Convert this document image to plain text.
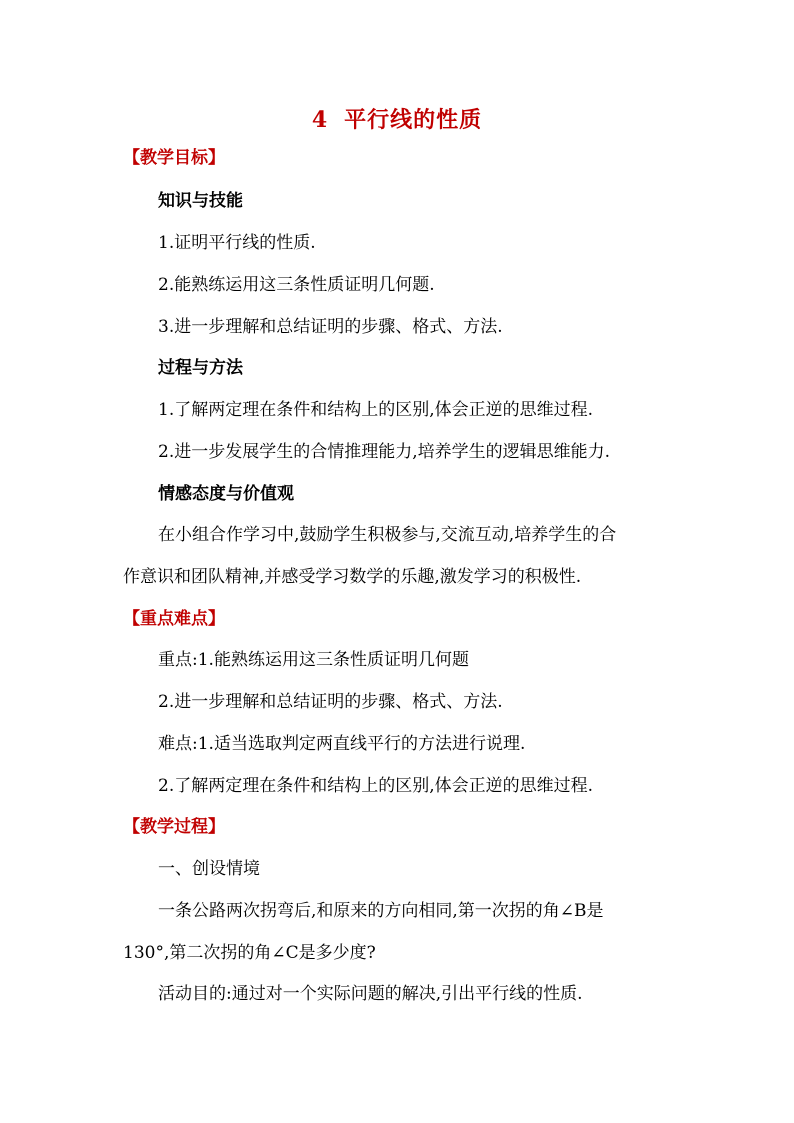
4 平行线的性质
【教学目标】
知识与技能
1.证明平行线的性质.
2.能熟练运用这三条性质证明几何题.
3.进一步理解和总结证明的步骤、格式、方法.
过程与方法
1.了解两定理在条件和结构上的区别,体会正逆的思维过程.
2.进一步发展学生的合情推理能力,培养学生的逻辑思维能力.
情感态度与价值观
在小组合作学习中,鼓励学生积极参与,交流互动,培养学生的合
作意识和团队精神,并感受学习数学的乐趣,激发学习的积极性.
【重点难点】
重点:1.能熟练运用这三条性质证明几何题
2.进一步理解和总结证明的步骤、格式、方法.
难点:1.适当选取判定两直线平行的方法进行说理.
2.了解两定理在条件和结构上的区别,体会正逆的思维过程.
【教学过程】
一、创设情境
一条公路两次拐弯后,和原来的方向相同,第一次拐的角∠B是
130°,第二次拐的角∠C是多少度?
活动目的:通过对一个实际问题的解决,引出平行线的性质.
